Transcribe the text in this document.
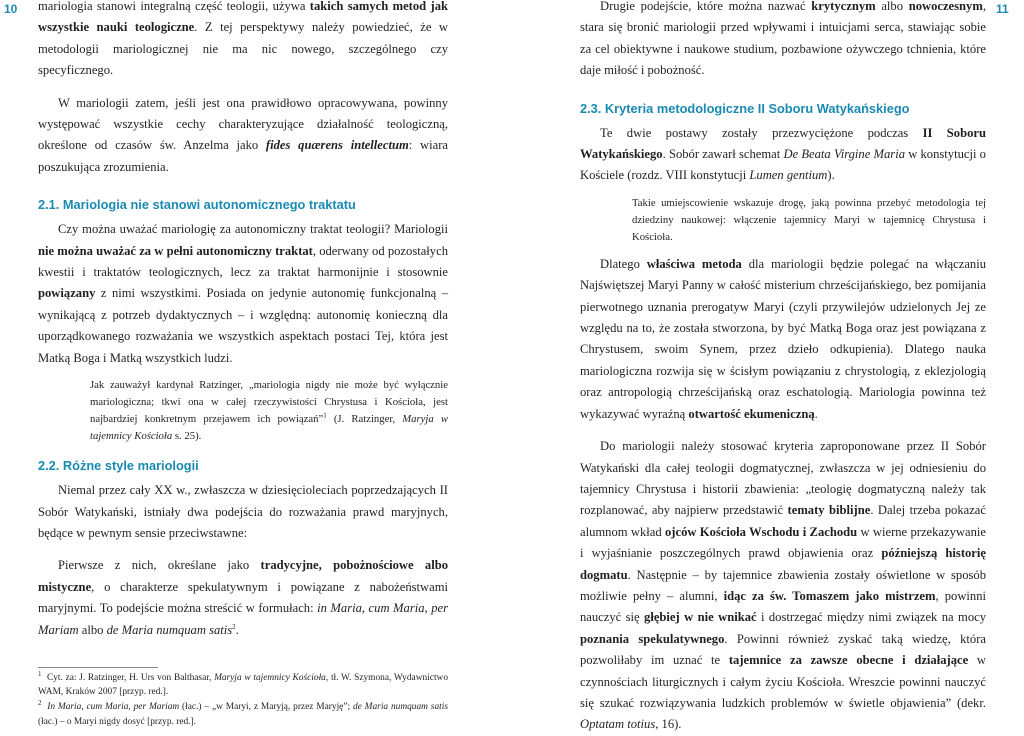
10	11

mariologia stanowi integralną część teologii, używa takich samych metod jak wszystkie nauki teologiczne. Z tej perspektywy należy powiedzieć, że w metodologii mariologicznej nie ma nic nowego, szczególnego czy specyficznego.

W mariologii zatem, jeśli jest ona prawidłowo opracowywana, powinny występować wszystkie cechy charakteryzujące działalność teologiczną, określone od czasów św. Anzelma jako fides quærens intellectum: wiara poszukująca zrozumienia.

2.1. Mariologia nie stanowi autonomicznego traktatu

Czy można uważać mariologię za autonomiczny traktat teologii? Mariologii nie można uważać za w pełni autonomiczny traktat, oderwany od pozostałych kwestii i traktatów teologicznych, lecz za traktat harmonijnie i stosownie powiązany z nimi wszystkimi. Posiada on jedynie autonomię funkcjonalną – wynikającą z potrzeb dydaktycznych – i względną: autonomię konieczną dla uporządkowanego rozważania we wszystkich aspektach postaci Tej, która jest Matką Boga i Matką wszystkich ludzi.

Jak zauważył kardynał Ratzinger, „mariologia nigdy nie może być wyłącznie mariologiczna; tkwi ona w całej rzeczywistości Chrystusa i Kościoła, jest najbardziej konkretnym przejawem ich powiązań”$^1$ (J. Ratzinger, Maryja w tajemnicy Kościoła s. 25).
2.2. Różne style mariologii

Niemal przez cały XX w., zwłaszcza w dziesięcioleciach poprzedzających II Sobór Watykański, istniały dwa podejścia do rozważania prawd maryjnych, będące w pewnym sensie przeciwstawne:

Pierwsze z nich, określane jako tradycyjne, pobożnościowe albo mistyczne, o charakterze spekulatywnym i powiązane z nabożeństwami maryjnymi. To podejście można streścić w formułach: in Maria, cum Maria, per Mariam albo de Maria numquam satis$^2$.

$^1$ Cyt. za: J. Ratzinger, H. Urs von Balthasar, Maryja w tajemnicy Kościoła, tł. W. Szymona, Wydawnictwo WAM, Kraków 2007 [przyp. red.].
$^2$ In Maria, cum Maria, per Mariam (łac.) – „w Maryi, z Maryją, przez Maryję”; de Maria numquam satis (łac.) – o Maryi nigdy dosyć [przyp. red.].

Drugie podejście, które można nazwać krytycznym albo nowoczesnym, stara się bronić mariologii przed wpływami i intuicjami serca, stawiając sobie za cel obiektywne i naukowe studium, pozbawione ożywczego tchnienia, które daje miłość i pobożność.

2.3. Kryteria metodologiczne II Soboru Watykańskiego

Te dwie postawy zostały przezwyciężone podczas II Soboru Watykańskiego. Sobór zawarł schemat De Beata Virgine Maria w konstytucji o Kościele (rozdz. VIII konstytucji Lumen gentium).

Takie umiejscowienie wskazuje drogę, jaką powinna przebyć metodologia tej dziedziny naukowej: włączenie tajemnicy Maryi w tajemnicę Chrystusa i Kościoła.

Dlatego właściwa metoda dla mariologii będzie polegać na włączaniu Najświętszej Maryi Panny w całość misterium chrześcijańskiego, bez pomijania pierwotnego uznania prerogatyw Maryi (czyli przywilejów udzielonych Jej ze względu na to, że została stworzona, by być Matką Boga oraz jest powiązana z Chrystusem, swoim Synem, przez dzieło odkupienia). Dlatego nauka mariologiczna rozwija się w ścisłym powiązaniu z chrystologią, z eklezjologią oraz antropologią chrześcijańską oraz eschatologią. Mariologia powinna też wykazywać wyraźną otwartość ekumeniczną.

Do mariologii należy stosować kryteria zaproponowane przez II Sobór Watykański dla całej teologii dogmatycznej, zwłaszcza w jej odniesieniu do tajemnicy Chrystusa i historii zbawienia: „teologię dogmatyczną należy tak rozplanować, aby najpierw przedstawić tematy biblijne. Dalej trzeba pokazać alumnom wkład ojców Kościoła Wschodu i Zachodu w wierne przekazywanie i wyjaśnianie poszczególnych prawd objawienia oraz późniejszą historię dogmatu. Następnie – by tajemnice zbawienia zostały oświetlone w sposób możliwie pełny – alumni, idąc za św. Tomaszem jako mistrzem, powinni nauczyć się głębiej w nie wnikać i dostrzegać między nimi związek na mocy poznania spekulatywnego. Powinni również zyskać taką wiedzę, która pozwoliłaby im uznać te tajemnice za zawsze obecne i działające w czynnościach liturgicznych i całym życiu Kościoła. Wreszcie powinni nauczyć się szukać rozwiązywania ludzkich problemów w świetle objawienia” (dekr. Optatam totius, 16).
